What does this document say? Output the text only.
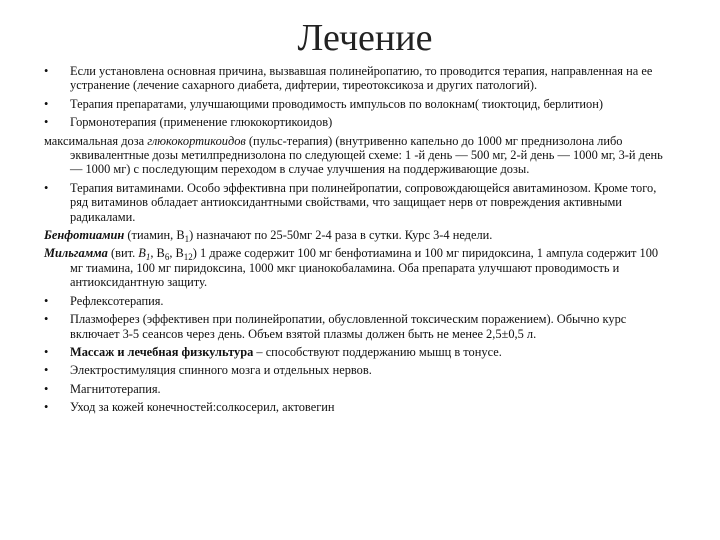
Лечение
• Если установлена основная причина, вызвавшая полинейропатию, то проводится терапия, направленная на ее устранение (лечение сахарного диабета, дифтерии, тиреотоксикоза и других патологий).
• Терапия препаратами, улучшающими проводимость импульсов по волокнам( тиоктоцид, берлитион)
• Гормонотерапия (применение глюкокортикоидов)
максимальная доза глюкокортикоидов (пульс-терапия) (внутривенно капельно до 1000 мг преднизолона либо эквивалентные дозы метилпреднизолона по следующей схеме: 1 -й день — 500 мг, 2-й день — 1000 мг, 3-й день — 1000 мг) с последующим переходом в случае улучшения на поддерживающие дозы.
• Терапия витаминами. Особо эффективна при полинейропатии, сопровождающейся авитаминозом. Кроме того, ряд витаминов обладает антиоксидантными свойствами, что защищает нерв от повреждения активными радикалами.
Бенфотиамин (тиамин, $B_1$) назначают по 25-50мг 2-4 раза в сутки. Курс 3-4 недели.
Мильгамма (вит. $B_1$, $B_6$, $B_{12}$) 1 драже содержит 100 мг бенфотиамина и 100 мг пиридоксина, 1 ампула содержит 100 мг тиамина, 100 мг пиридоксина, 1000 мкг цианокобаламина. Оба препарата улучшают проводимость и антиоксидантную защиту.
• Рефлексотерапия.
• Плазмоферез (эффективен при полинейропатии, обусловленной токсическим поражением). Обычно курс включает 3-5 сеансов через день. Объем взятой плазмы должен быть не менее 2,5±0,5 л.
• Массаж и лечебная физкультура – способствуют поддержанию мышц в тонусе.
• Электростимуляция спинного мозга и отдельных нервов.
• Магнитотерапия.
• Уход за кожей конечностей:солкосерил, актовегин
